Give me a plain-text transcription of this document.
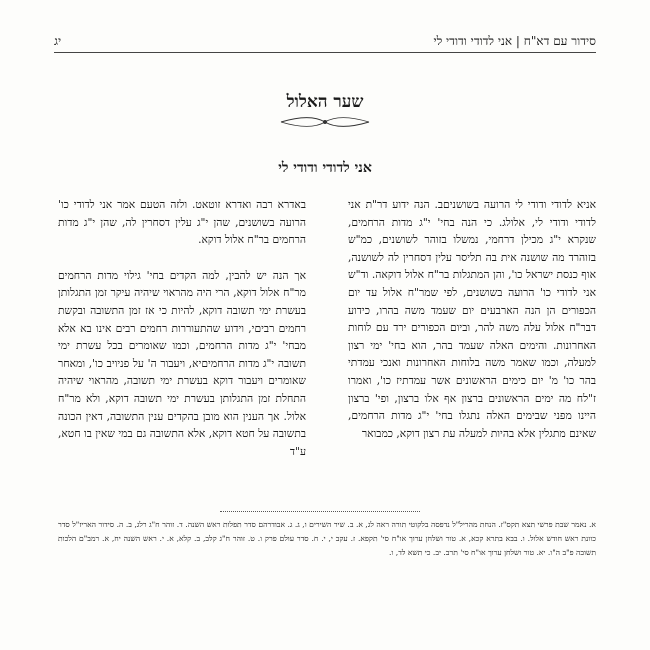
סידור עם דא"ח | אני לדודי ודודי לי
יג
שער האלול
אני לדודי ודודי לי

אניא לדודי ודודי לי הרועה בשושניםב. הנה ידוע דר"ת אני לדודי ודודי לי, אלולג. כי הנה בחי' י"ג מדות הרחמים, שנקרא י"ג מכילן דרחמי, נמשלו בזוהר לשושנים, כמ"ש בזוהרד מה שושנה אית בה תליסר עלין דסחרין לה לשושנה, אוף כנסת ישראל כו', והן המתגלות בר"ח אלול דוקאה. וד"ש אני לדודי כו' הרועה בשושנים, לפי שמר"ח אלול עד יום הכפורים הן הנה הארבעים יום שעמד משה בהרו, כידוע דבר"ח אלול עלה משה להר, וביום הכפורים ירד עם לוחות האחרונות. והימים האלה שעמד בהר, הוא בחי' ימי רצון למעלה, וכמו שאמר משה בלוחות האחרונות ואנכי עמדתי בהר כו' מ' יום כימים הראשונים אשר עמדתיז כו', ואמרו ז"לח מה ימים הראשונים ברצון אף אלו ברצון, ופי' ברצון היינו מפני שבימים האלה נתגלו בחי' י"ג מדות הרחמים, שאינם מתגלין אלא בהיות למעלה עת רצון דוקא, כמבואר

באדרא רבה ואדרא זוטאט. ולזה הטעם אמר אני לדודי כו' הרועה בשושנים, שהן י"ג עלין דסחרין לה, שהן י"ג מדות הרחמים בר"ח אלול דוקא.

אך הנה יש להבין, למה הקדים בחי' גילוי מדות הרחמים מר"ח אלול דוקא, הרי היה מהראוי שיהיה עיקר זמן התגלותן בעשרת ימי תשובה דוקא, להיות כי אז זמן התשובה ובקשת רחמים רביםי, וידוע שהתעוררות רחמים רבים אינו בא אלא מבחי' י"ג מדות הרחמים, וכמו שאומרים בכל עשרת ימי תשובה י"ג מדות הרחמיםיא, ויעבור ה' על פניויב כו', ומאחר שאומרים ויעבור דוקא בעשרת ימי תשובה, מהראוי שיהיה התחלת זמן התגלותן בעשרת ימי תשובה דוקא, ולא מר"ח אלול. אך הענין הוא מובן בהקדים ענין התשובה, דאין הכונה בתשובה על חטא דוקא, אלא התשובה גם במי שאין בו חטא, ע"ד

א. נאמר שבת פרשי תצא תקס"ז. הנחת מהריל"ל נדפסה בלקוטי תורה ראה לג, א. ב. שיר השירים ו, ג. ג. אבודרהם סדר תפלות ראש השנה. ד. זוהר ח"ג רלג, ב. ה. סידור האריז"ל סדר כוונת ראש חודש אלול. ו. בבא בתרא קכא, א. טור ושלחן ערוך או"ח סי' תקפא. ז. עקב י, י. ח. סדר עולם פרק ו. ט. זוהר ח"ג קלב, ב. קלא, א. י. ראש השנה יח, א. רמב"ם הלכות תשובה פ"ב ה"ו. יא. טור ושלחן ערוך או"ח סי' תרב. יב. כי תשא לד, ו.
